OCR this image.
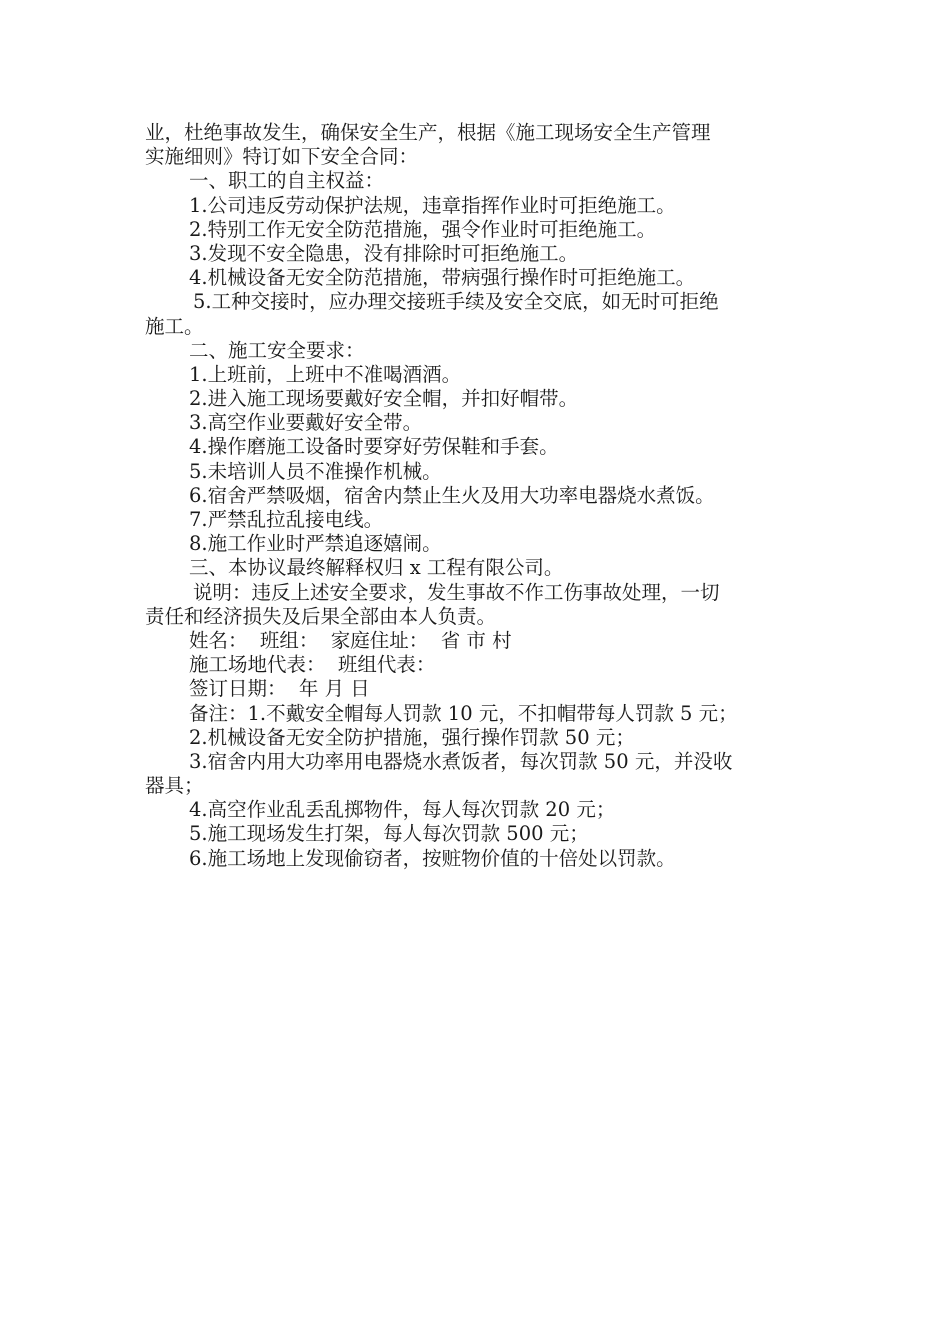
业，杜绝事故发生，确保安全生产，根据《施工现场安全生产管理
实施细则》特订如下安全合同：
一、职工的自主权益：
1.公司违反劳动保护法规，违章指挥作业时可拒绝施工。
2.特别工作无安全防范措施，强令作业时可拒绝施工。
3.发现不安全隐患，没有排除时可拒绝施工。
4.机械设备无安全防范措施，带病强行操作时可拒绝施工。
5.工种交接时，应办理交接班手续及安全交底，如无时可拒绝
施工。
二、施工安全要求：
1.上班前，上班中不准喝酒酒。
2.进入施工现场要戴好安全帽，并扣好帽带。
3.高空作业要戴好安全带。
4.操作磨施工设备时要穿好劳保鞋和手套。
5.未培训人员不准操作机械。
6.宿舍严禁吸烟，宿舍内禁止生火及用大功率电器烧水煮饭。
7.严禁乱拉乱接电线。
8.施工作业时严禁追逐嬉闹。
三、本协议最终解释权归 x 工程有限公司。
说明：违反上述安全要求，发生事故不作工伤事故处理，一切
责任和经济损失及后果全部由本人负责。
姓名：  班组：  家庭住址：  省 市 村
施工场地代表：  班组代表：
签订日期：  年 月 日
备注：1.不戴安全帽每人罚款 10 元，不扣帽带每人罚款 5 元；
2.机械设备无安全防护措施，强行操作罚款 50 元；
3.宿舍内用大功率用电器烧水煮饭者，每次罚款 50 元，并没收
器具；
4.高空作业乱丢乱掷物件，每人每次罚款 20 元；
5.施工现场发生打架，每人每次罚款 500 元；
6.施工场地上发现偷窃者，按赃物价值的十倍处以罚款。
